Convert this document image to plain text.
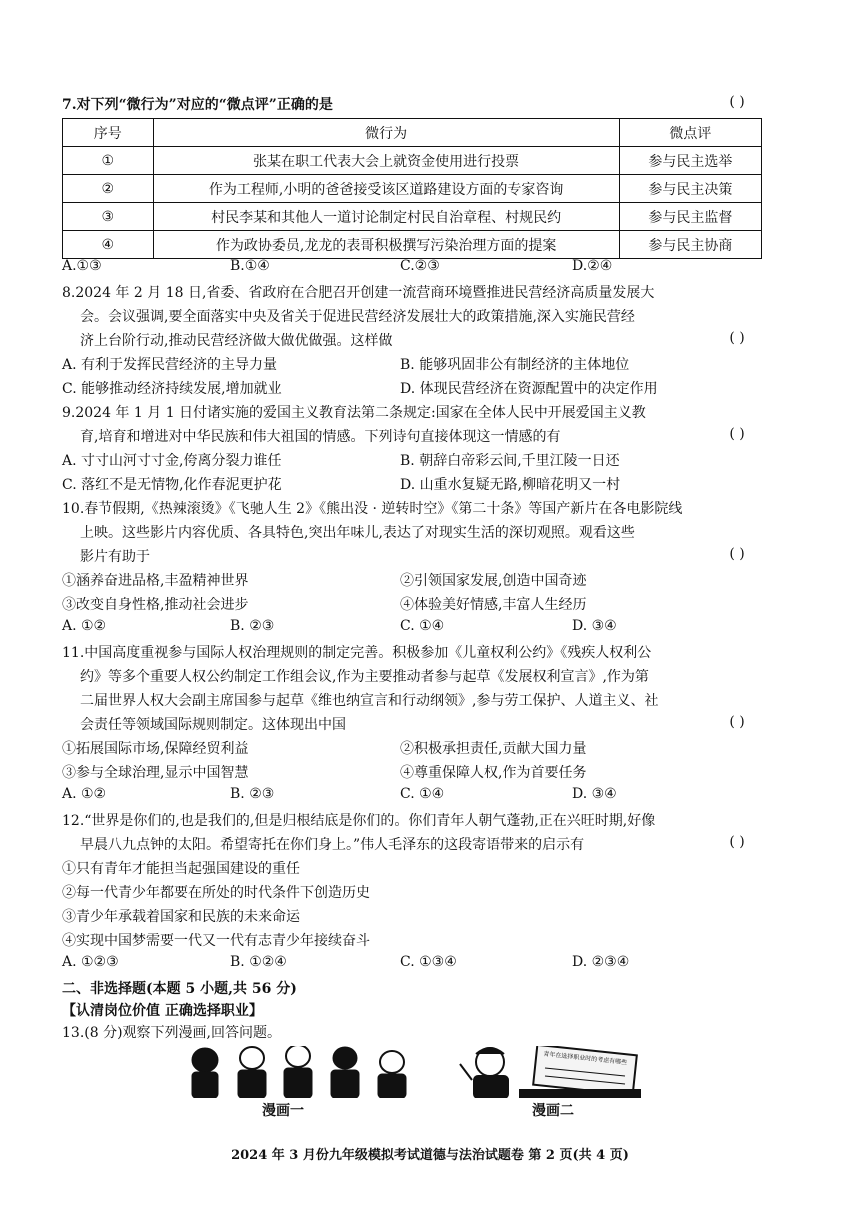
7.对下列“微行为”对应的“微点评”正确的是	( )
序号	微行为	微点评
①	张某在职工代表大会上就资金使用进行投票	参与民主选举
②	作为工程师,小明的爸爸接受该区道路建设方面的专家咨询	参与民主决策
③	村民李某和其他人一道讨论制定村民自治章程、村规民约	参与民主监督
④	作为政协委员,龙龙的表哥积极撰写污染治理方面的提案	参与民主协商
A.①③	B.①④	C.②③	D.②④
8.2024 年 2 月 18 日,省委、省政府在合肥召开创建一流营商环境暨推进民营经济高质量发展大
会。会议强调,要全面落实中央及省关于促进民营经济发展壮大的政策措施,深入实施民营经
济上台阶行动,推动民营经济做大做优做强。这样做	( )
A. 有利于发挥民营经济的主导力量	B. 能够巩固非公有制经济的主体地位
C. 能够推动经济持续发展,增加就业	D. 体现民营经济在资源配置中的决定作用
9.2024 年 1 月 1 日付诸实施的爱国主义教育法第二条规定:国家在全体人民中开展爱国主义教
育,培育和增进对中华民族和伟大祖国的情感。下列诗句直接体现这一情感的有	( )
A. 寸寸山河寸寸金,侉离分裂力谁任	B. 朝辞白帝彩云间,千里江陵一日还
C. 落红不是无情物,化作春泥更护花	D. 山重水复疑无路,柳暗花明又一村
10.春节假期,《热辣滚烫》《飞驰人生 2》《熊出没 · 逆转时空》《第二十条》等国产新片在各电影院线
上映。这些影片内容优质、各具特色,突出年味儿,表达了对现实生活的深切观照。观看这些
影片有助于	( )
①涵养奋进品格,丰盈精神世界	②引领国家发展,创造中国奇迹
③改变自身性格,推动社会进步	④体验美好情感,丰富人生经历
A. ①②	B. ②③	C. ①④	D. ③④
11.中国高度重视参与国际人权治理规则的制定完善。积极参加《儿童权利公约》《残疾人权利公
约》等多个重要人权公约制定工作组会议,作为主要推动者参与起草《发展权利宣言》,作为第
二届世界人权大会副主席国参与起草《维也纳宣言和行动纲领》,参与劳工保护、人道主义、社
会责任等领域国际规则制定。这体现出中国	( )
①拓展国际市场,保障经贸利益	②积极承担责任,贡献大国力量
③参与全球治理,显示中国智慧	④尊重保障人权,作为首要任务
A. ①②	B. ②③	C. ①④	D. ③④
12.“世界是你们的,也是我们的,但是归根结底是你们的。你们青年人朝气蓬勃,正在兴旺时期,好像
早晨八九点钟的太阳。希望寄托在你们身上。”伟人毛泽东的这段寄语带来的启示有	( )
①只有青年才能担当起强国建设的重任
②每一代青少年都要在所处的时代条件下创造历史
③青少年承载着国家和民族的未来命运
④实现中国梦需要一代又一代有志青少年接续奋斗
A. ①②③	B. ①②④	C. ①③④	D. ②③④
二、非选择题(本题 5 小题,共 56 分)
【认清岗位价值 正确选择职业】
13.(8 分)观察下列漫画,回答问题。
漫画一
青年在选择职业时的考虑有哪些
漫画二
2024 年 3 月份九年级模拟考试道德与法治试题卷 第 2 页(共 4 页)
